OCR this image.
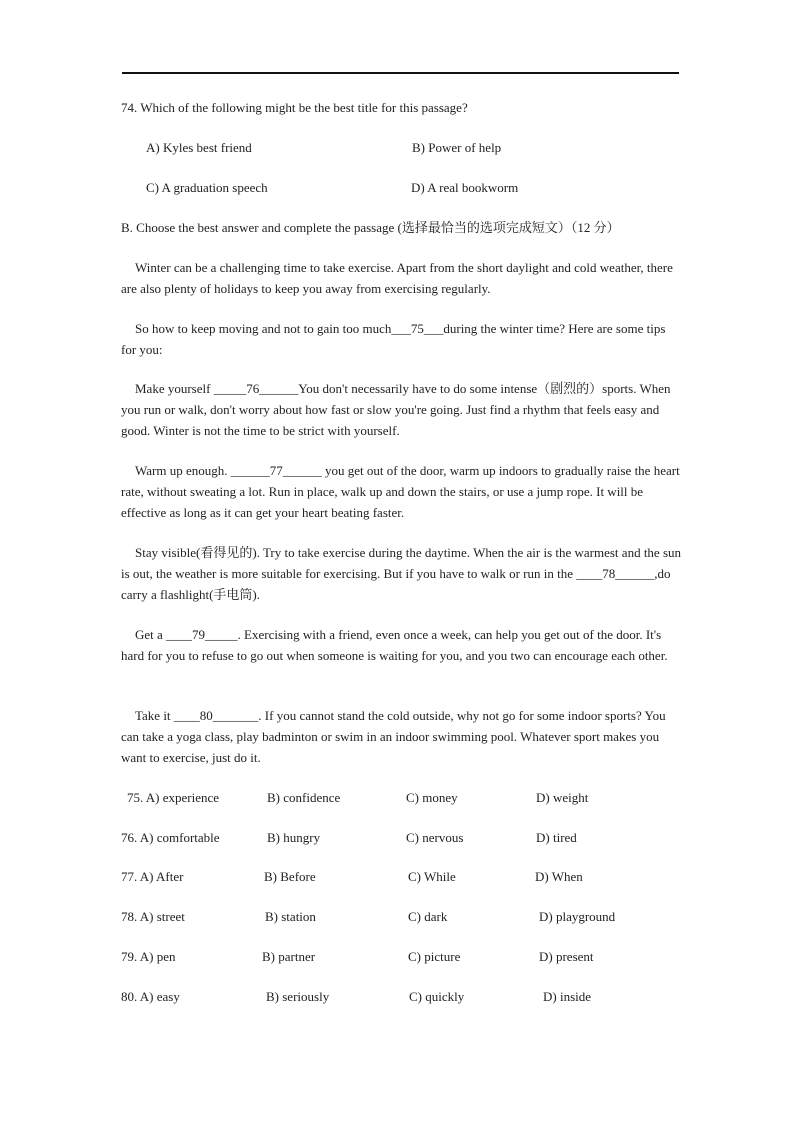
74. Which of the following might be the best title for this passage?
A) Kyles best friend	B) Power of help
C) A graduation speech	D) A real bookworm
B. Choose the best answer and complete the passage (选择最恰当的选项完成短文）（12 分）

Winter can be a challenging time to take exercise. Apart from the short daylight and cold weather, there are also plenty of holidays to keep you away from exercising regularly.

So how to keep moving and not to gain too much___75___during the winter time? Here are some tips for you:

Make yourself _____76______You don't necessarily have to do some intense（剧烈的）sports. When you run or walk, don't worry about how fast or slow you're going. Just find a rhythm that feels easy and good. Winter is not the time to be strict with yourself.

Warm up enough. ______77______ you get out of the door, warm up indoors to gradually raise the heart rate, without sweating a lot. Run in place, walk up and down the stairs, or use a jump rope. It will be effective as long as it can get your heart beating faster.

Stay visible(看得见的). Try to take exercise during the daytime. When the air is the warmest and the sun is out, the weather is more suitable for exercising. But if you have to walk or run in the ____78______,do carry a flashlight(手电筒).

Get a ____79_____. Exercising with a friend, even once a week, can help you get out of the door. It's hard for you to refuse to go out when someone is waiting for you, and you two can encourage each other.

Take it ____80_______. If you cannot stand the cold outside, why not go for some indoor sports? You can take a yoga class, play badminton or swim in an indoor swimming pool. Whatever sport makes you want to exercise, just do it.

75. A) experience	B) confidence	C) money	D) weight
76. A) comfortable	B) hungry	C) nervous	D) tired
77. A) After	B) Before	C) While	D) When
78. A) street	B) station	C) dark	D) playground
79. A) pen	B) partner	C) picture	D) present
80. A) easy	B) seriously	C) quickly	D) inside
